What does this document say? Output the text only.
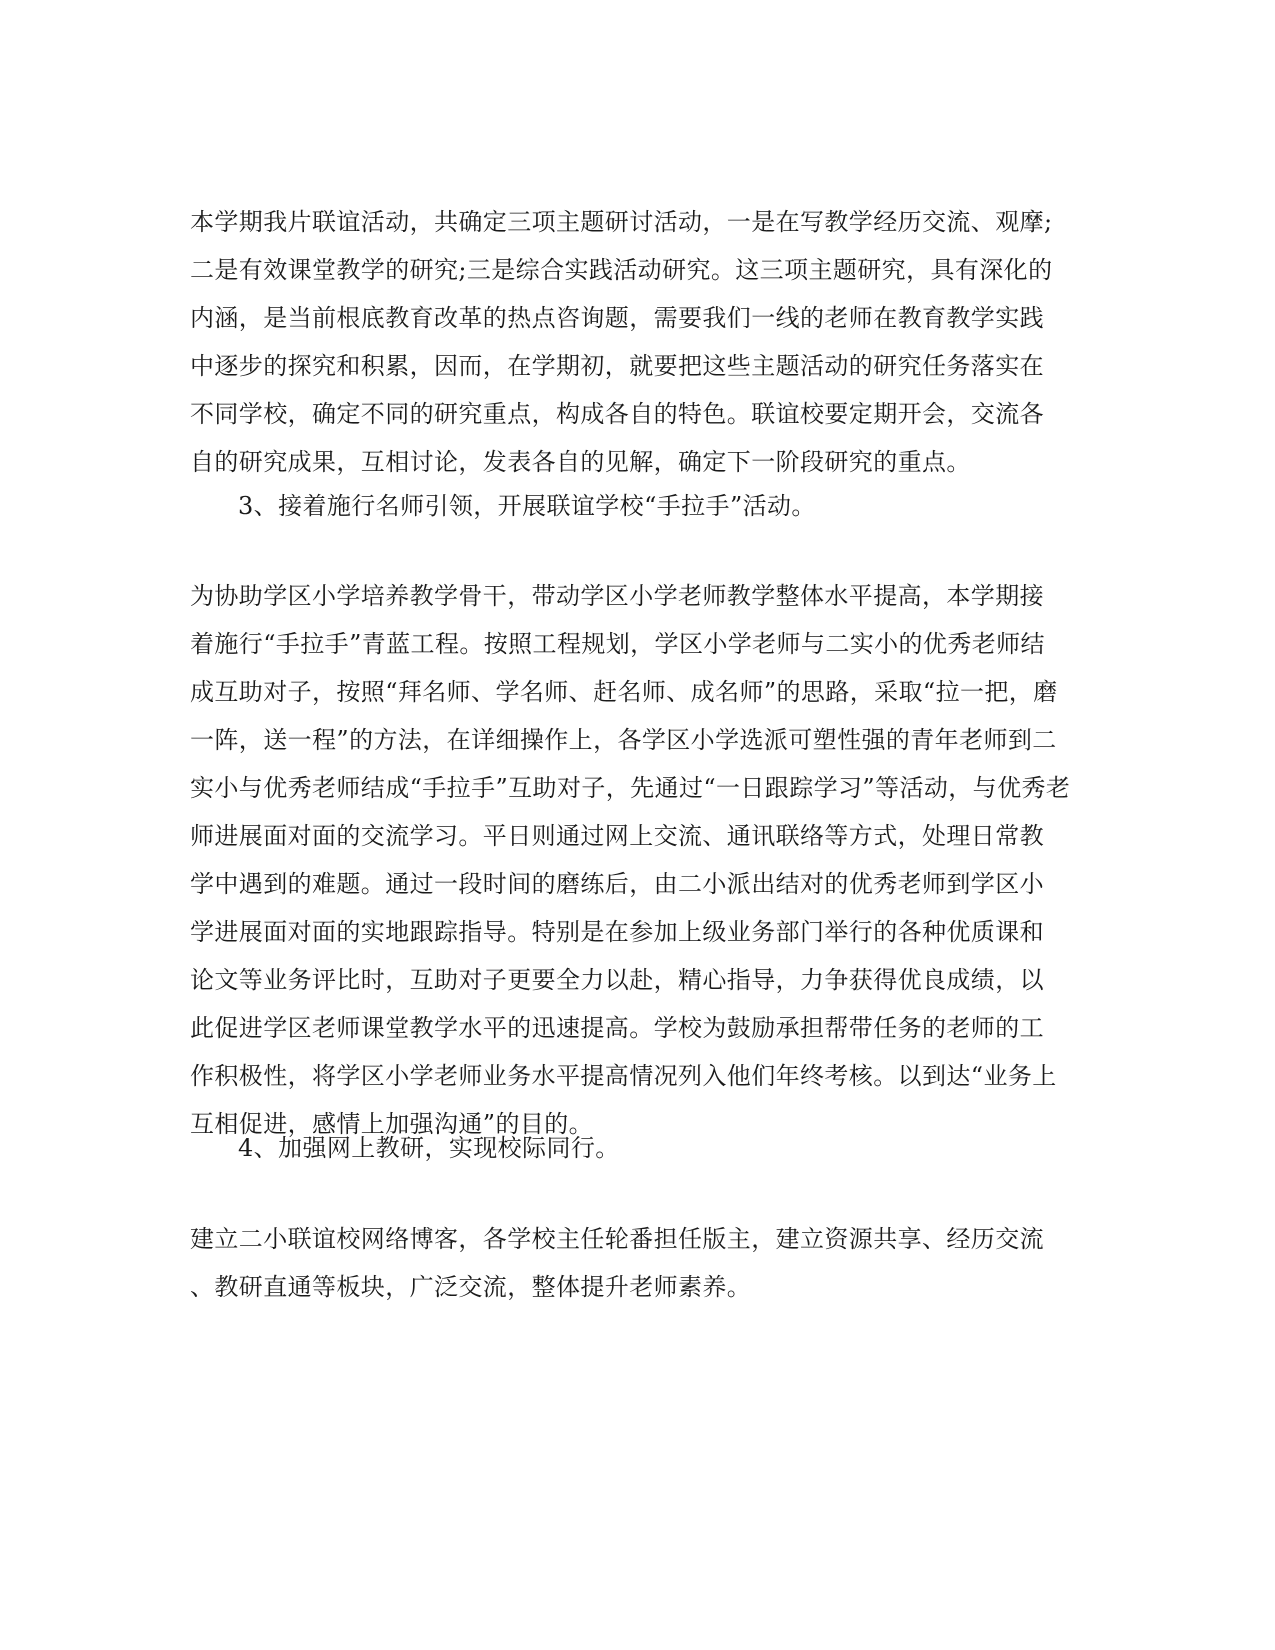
本学期我片联谊活动，共确定三项主题研讨活动，一是在写教学经历交流、观摩;
二是有效课堂教学的研究;三是综合实践活动研究。这三项主题研究，具有深化的
内涵，是当前根底教育改革的热点咨询题，需要我们一线的老师在教育教学实践
中逐步的探究和积累，因而，在学期初，就要把这些主题活动的研究任务落实在
不同学校，确定不同的研究重点，构成各自的特色。联谊校要定期开会，交流各
自的研究成果，互相讨论，发表各自的见解，确定下一阶段研究的重点。
3、接着施行名师引领，开展联谊学校“手拉手”活动。
为协助学区小学培养教学骨干，带动学区小学老师教学整体水平提高，本学期接
着施行“手拉手”青蓝工程。按照工程规划，学区小学老师与二实小的优秀老师结
成互助对子，按照“拜名师、学名师、赶名师、成名师”的思路，采取“拉一把，磨
一阵，送一程”的方法，在详细操作上，各学区小学选派可塑性强的青年老师到二
实小与优秀老师结成“手拉手”互助对子，先通过“一日跟踪学习”等活动，与优秀老
师进展面对面的交流学习。平日则通过网上交流、通讯联络等方式，处理日常教
学中遇到的难题。通过一段时间的磨练后，由二小派出结对的优秀老师到学区小
学进展面对面的实地跟踪指导。特别是在参加上级业务部门举行的各种优质课和
论文等业务评比时，互助对子更要全力以赴，精心指导，力争获得优良成绩，以
此促进学区老师课堂教学水平的迅速提高。学校为鼓励承担帮带任务的老师的工
作积极性，将学区小学老师业务水平提高情况列入他们年终考核。以到达“业务上
互相促进，感情上加强沟通”的目的。
4、加强网上教研，实现校际同行。
建立二小联谊校网络博客，各学校主任轮番担任版主，建立资源共享、经历交流
、教研直通等板块，广泛交流，整体提升老师素养。
